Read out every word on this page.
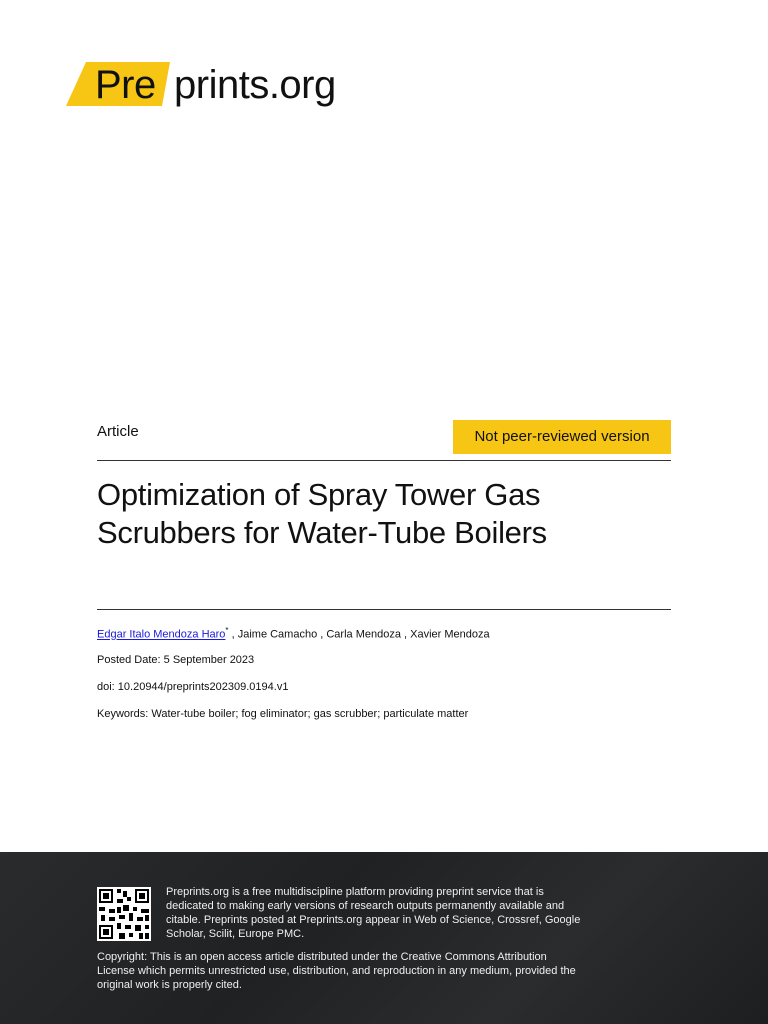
Pre prints.org
Article	Not peer-reviewed version
Optimization of Spray Tower Gas Scrubbers for Water-Tube Boilers
Edgar Italo Mendoza Haro* , Jaime Camacho , Carla Mendoza , Xavier Mendoza
Posted Date: 5 September 2023
doi: 10.20944/preprints202309.0194.v1
Keywords: Water-tube boiler; fog eliminator; gas scrubber; particulate matter
Preprints.org is a free multidiscipline platform providing preprint service that is dedicated to making early versions of research outputs permanently available and citable. Preprints posted at Preprints.org appear in Web of Science, Crossref, Google Scholar, Scilit, Europe PMC.
Copyright: This is an open access article distributed under the Creative Commons Attribution License which permits unrestricted use, distribution, and reproduction in any medium, provided the original work is properly cited.
